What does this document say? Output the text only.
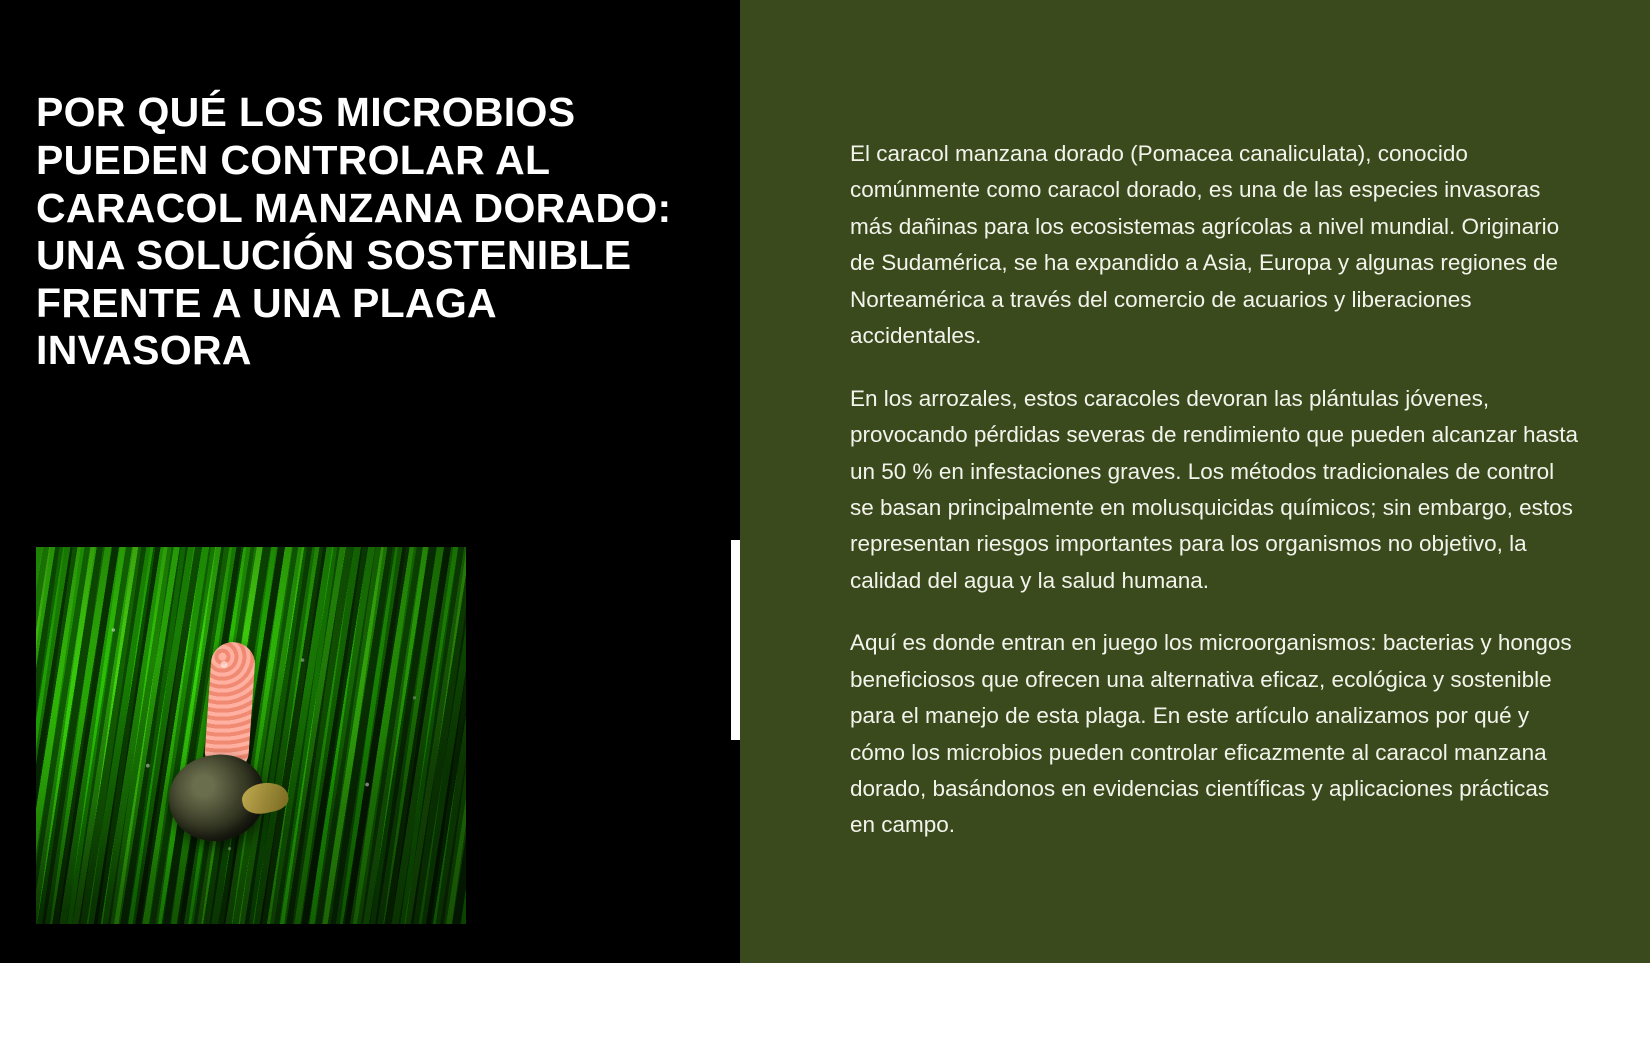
POR QUÉ LOS MICROBIOS PUEDEN CONTROLAR AL CARACOL MANZANA DORADO: UNA SOLUCIÓN SOSTENIBLE FRENTE A UNA PLAGA INVASORA

El caracol manzana dorado (Pomacea canaliculata), conocido comúnmente como caracol dorado, es una de las especies invasoras más dañinas para los ecosistemas agrícolas a nivel mundial. Originario de Sudamérica, se ha expandido a Asia, Europa y algunas regiones de Norteamérica a través del comercio de acuarios y liberaciones accidentales.

En los arrozales, estos caracoles devoran las plántulas jóvenes, provocando pérdidas severas de rendimiento que pueden alcanzar hasta un 50 % en infestaciones graves. Los métodos tradicionales de control se basan principalmente en molusquicidas químicos; sin embargo, estos representan riesgos importantes para los organismos no objetivo, la calidad del agua y la salud humana.

Aquí es donde entran en juego los microorganismos: bacterias y hongos beneficiosos que ofrecen una alternativa eficaz, ecológica y sostenible para el manejo de esta plaga. En este artículo analizamos por qué y cómo los microbios pueden controlar eficazmente al caracol manzana dorado, basándonos en evidencias científicas y aplicaciones prácticas en campo.
